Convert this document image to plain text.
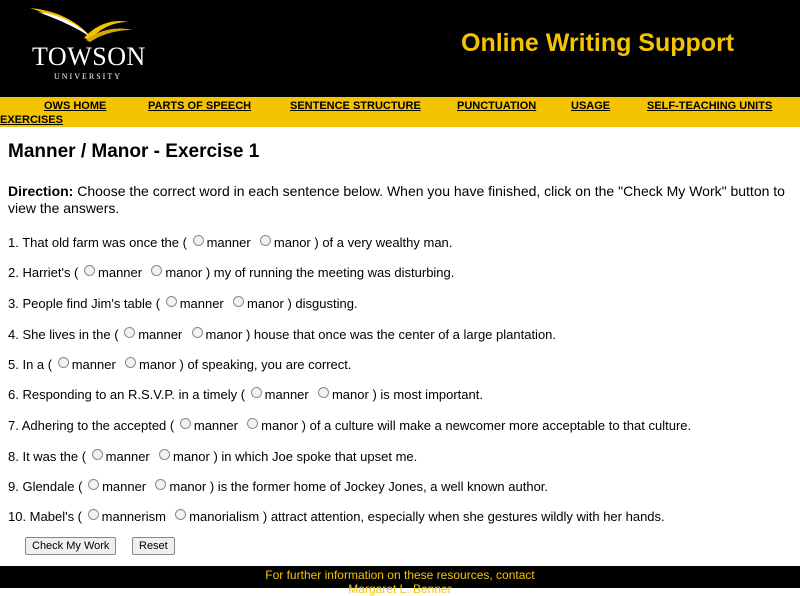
TOWSON
UNIVERSITY
Online Writing Support
OWS HOME	PARTS OF SPEECH	SENTENCE STRUCTURE	PUNCTUATION	USAGE	SELF-TEACHING UNITS
EXERCISES
Manner / Manor - Exercise 1

Direction: Choose the correct word in each sentence below. When you have finished, click on the "Check My Work" button to view the answers.

1. That old farm was once the ( manner manor ) of a very wealthy man.

2. Harriet's ( manner manor ) my of running the meeting was disturbing.

3. People find Jim's table ( manner manor ) disgusting.

4. She lives in the ( manner manor ) house that once was the center of a large plantation.

5. In a ( manner manor ) of speaking, you are correct.

6. Responding to an R.S.V.P. in a timely ( manner manor ) is most important.

7. Adhering to the accepted ( manner manor ) of a culture will make a newcomer more acceptable to that culture.

8. It was the ( manner manor ) in which Joe spoke that upset me.

9. Glendale ( manner manor ) is the former home of Jockey Jones, a well known author.

10. Mabel's ( mannerism manorialism ) attract attention, especially when she gestures wildly with her hands.

Check My Work	Reset
For further information on these resources, contact
Margaret L. Benner
